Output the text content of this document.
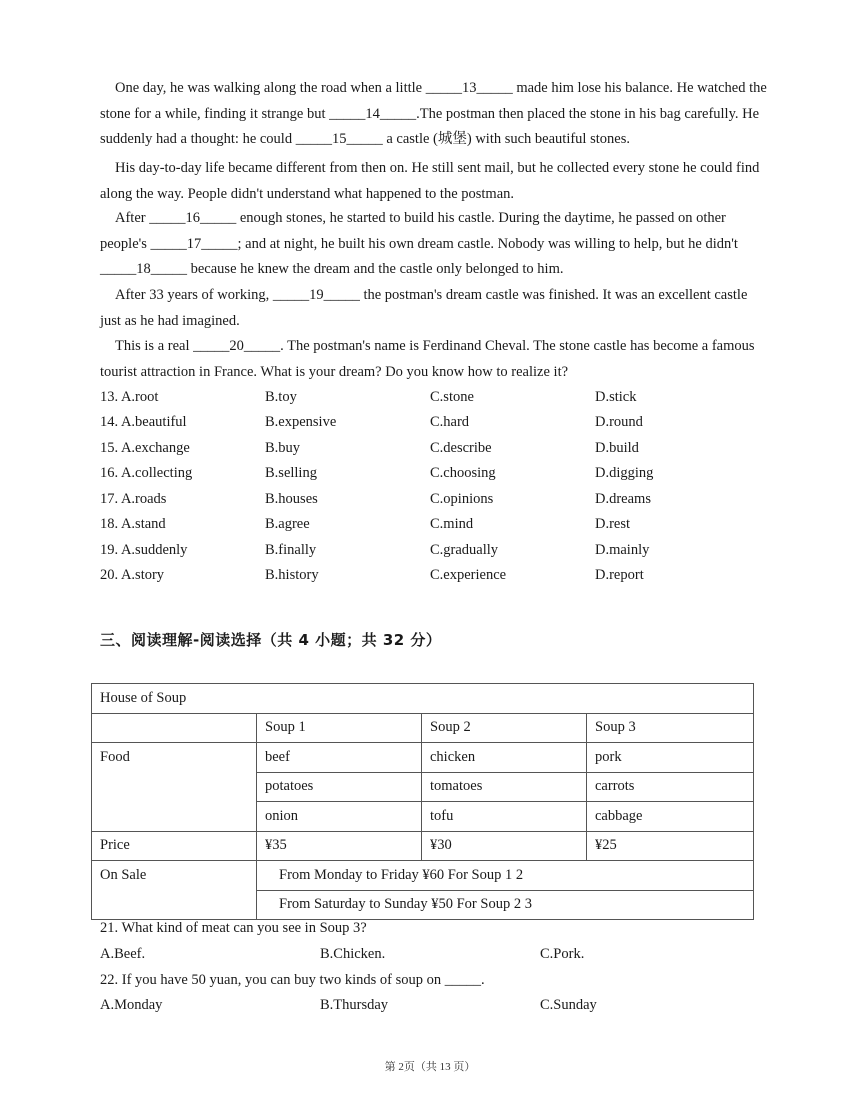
One day, he was walking along the road when a little _____13_____ made him lose his balance. He watched the stone for a while, finding it strange but _____14_____.The postman then placed the stone in his bag carefully. He suddenly had a thought: he could _____15_____ a castle (城堡) with such beautiful stones.

His day-to-day life became different from then on. He still sent mail, but he collected every stone he could find along the way. People didn't understand what happened to the postman.

After _____16_____ enough stones, he started to build his castle. During the daytime, he passed on other people's _____17_____; and at night, he built his own dream castle. Nobody was willing to help, but he didn't _____18_____ because he knew the dream and the castle only belonged to him.

After 33 years of working, _____19_____ the postman's dream castle was finished. It was an excellent castle just as he had imagined.

This is a real _____20_____. The postman's name is Ferdinand Cheval. The stone castle has become a famous tourist attraction in France. What is your dream? Do you know how to realize it?

13. A.root	B.toy	C.stone	D.stick
14. A.beautiful	B.expensive	C.hard	D.round
15. A.exchange	B.buy	C.describe	D.build
16. A.collecting	B.selling	C.choosing	D.digging
17. A.roads	B.houses	C.opinions	D.dreams
18. A.stand	B.agree	C.mind	D.rest
19. A.suddenly	B.finally	C.gradually	D.mainly
20. A.story	B.history	C.experience	D.report
三、阅读理解-阅读选择（共 4 小题；共 32 分）
House of Soup			
	Soup 1	Soup 2	Soup 3
Food	beef	chicken	pork
	potatoes	tomatoes	carrots
	onion	tofu	cabbage
Price	¥35	¥30	¥25
On Sale	From Monday to Friday ¥60 For Soup 1 2		
	From Saturday to Sunday ¥50 For Soup 2 3		
21. What kind of meat can you see in Soup 3?
A.Beef.	B.Chicken.	C.Pork.
22. If you have 50 yuan, you can buy two kinds of soup on _____.
A.Monday	B.Thursday	C.Sunday
第 2页（共 13 页）
